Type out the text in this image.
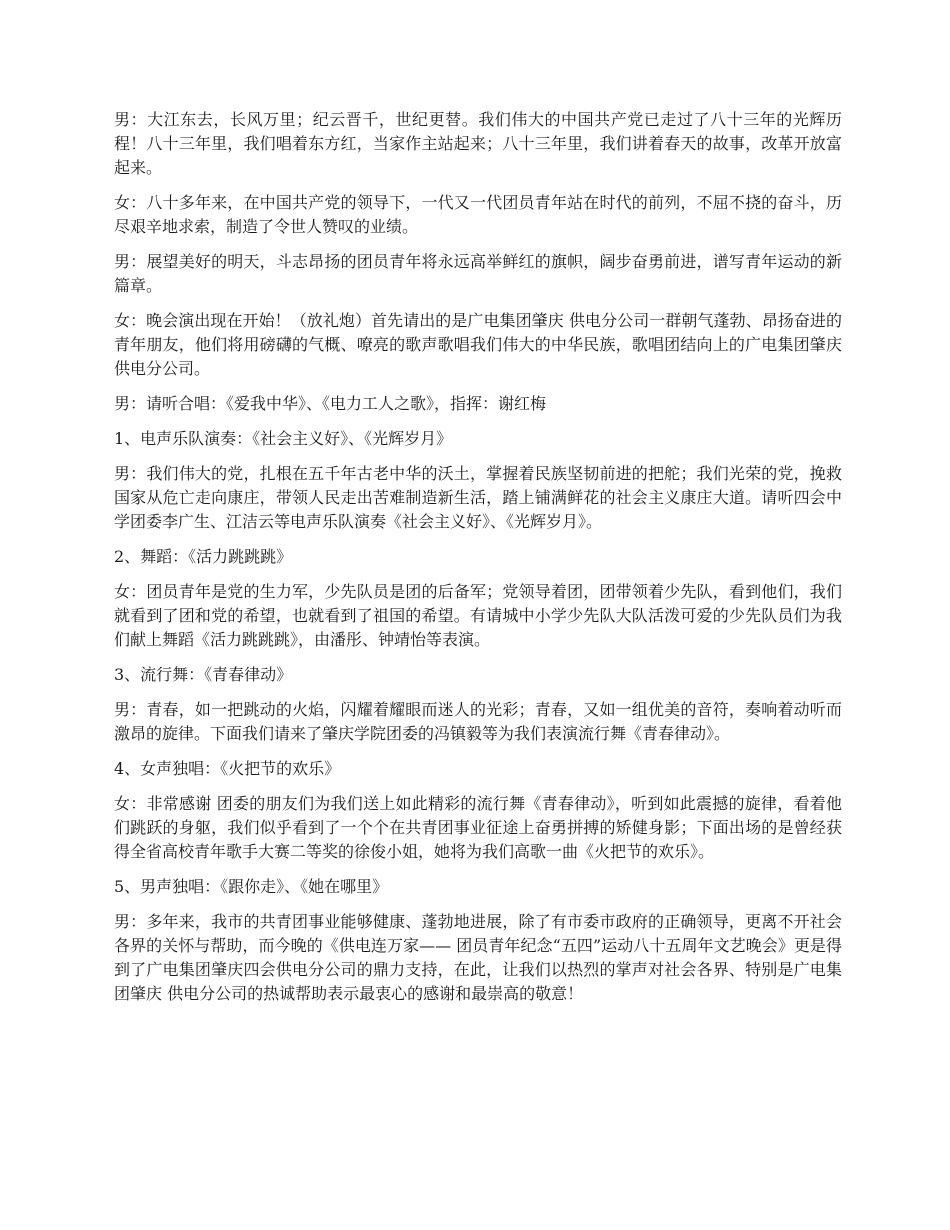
男：大江东去，长风万里；纪云晋千，世纪更替。我们伟大的中国共产党已走过了八十三年的光辉历程！八十三年里，我们唱着东方红，当家作主站起来；八十三年里，我们讲着春天的故事，改革开放富起来。

女：八十多年来，在中国共产党的领导下，一代又一代团员青年站在时代的前列，不屈不挠的奋斗，历尽艰辛地求索，制造了令世人赞叹的业绩。

男：展望美好的明天，斗志昂扬的团员青年将永远高举鲜红的旗帜，阔步奋勇前进，谱写青年运动的新篇章。

女：晚会演出现在开始！（放礼炮）首先请出的是广电集团肇庆 供电分公司一群朝气蓬勃、昂扬奋进的青年朋友，他们将用磅礴的气概、嘹亮的歌声歌唱我们伟大的中华民族，歌唱团结向上的广电集团肇庆 供电分公司。

男：请听合唱：《爱我中华》、《电力工人之歌》，指挥：谢红梅

1、电声乐队演奏：《社会主义好》、《光辉岁月》

男：我们伟大的党，扎根在五千年古老中华的沃土，掌握着民族坚韧前进的把舵；我们光荣的党，挽救国家从危亡走向康庄，带领人民走出苦难制造新生活，踏上铺满鲜花的社会主义康庄大道。请听四会中学团委李广生、江洁云等电声乐队演奏《社会主义好》、《光辉岁月》。

2、舞蹈：《活力跳跳跳》

女：团员青年是党的生力军，少先队员是团的后备军；党领导着团，团带领着少先队，看到他们，我们就看到了团和党的希望，也就看到了祖国的希望。有请城中小学少先队大队活泼可爱的少先队员们为我们献上舞蹈《活力跳跳跳》，由潘彤、钟靖怡等表演。

3、流行舞：《青春律动》

男：青春，如一把跳动的火焰，闪耀着耀眼而迷人的光彩；青春，又如一组优美的音符，奏响着动听而激昂的旋律。下面我们请来了肇庆学院团委的冯镇毅等为我们表演流行舞《青春律动》。

4、女声独唱：《火把节的欢乐》

女：非常感谢 团委的朋友们为我们送上如此精彩的流行舞《青春律动》，听到如此震撼的旋律，看着他们跳跃的身躯，我们似乎看到了一个个在共青团事业征途上奋勇拼搏的矫健身影；下面出场的是曾经获得全省高校青年歌手大赛二等奖的徐俊小姐，她将为我们高歌一曲《火把节的欢乐》。

5、男声独唱：《跟你走》、《她在哪里》

男：多年来，我市的共青团事业能够健康、蓬勃地进展，除了有市委市政府的正确领导，更离不开社会各界的关怀与帮助，而今晚的《供电连万家—— 团员青年纪念“五四”运动八十五周年文艺晚会》更是得到了广电集团肇庆四会供电分公司的鼎力支持，在此，让我们以热烈的掌声对社会各界、特别是广电集团肇庆 供电分公司的热诚帮助表示最衷心的感谢和最崇高的敬意！
